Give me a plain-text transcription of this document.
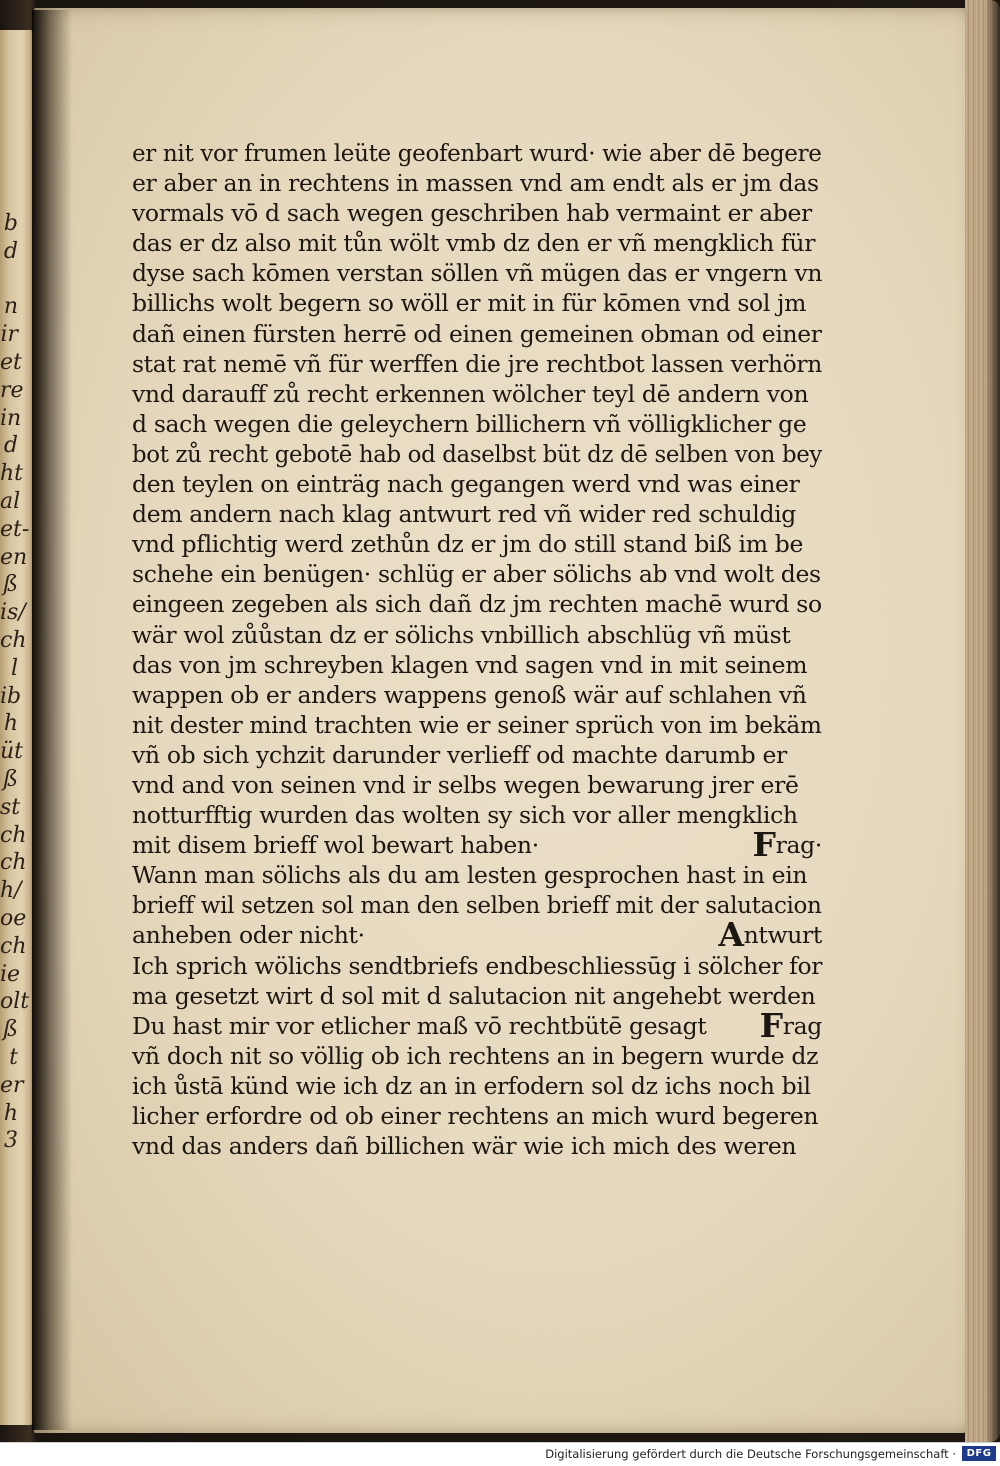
b
d
n
ir
et
re
in
d
ht
al
et-
en
ß
is/
ch
l
ib
h
üt
ß
st
ch
ch
h/
oe
ch
ie
olt
ß
t
er
h
3
er nit vor frumen leüte geofenbart wurd· wie aber dē begere
er aber an in rechtens in massen vnd am endt als er jm das
vormals vō d sach wegen geschriben hab vermaint er aber
das er dz also mit tůn wölt vmb dz den er vñ mengklich für
dyse sach kōmen verstan söllen vñ mügen das er vngern vn
billichs wolt begern so wöll er mit in für kōmen vnd sol jm
dañ einen fürsten herrē od einen gemeinen obman od einer
stat rat nemē vñ für werffen die jre rechtbot lassen verhörn
vnd darauff zů recht erkennen wölcher teyl dē andern von
d sach wegen die geleychern billichern vñ völligklicher ge
bot zů recht gebotē hab od daselbst büt dz dē selben von bey
den teylen on einträg nach gegangen werd vnd was einer
dem andern nach klag antwurt red vñ wider red schuldig
vnd pflichtig werd zethůn dz er jm do still stand biß im be
schehe ein benügen· schlüg er aber sölichs ab vnd wolt des
eingeen zegeben als sich dañ dz jm rechten machē wurd so
wär wol zůůstan dz er sölichs vnbillich abschlüg vñ müst
das von jm schreyben klagen vnd sagen vnd in mit seinem
wappen ob er anders wappens genoß wär auf schlahen vñ
nit dester mind trachten wie er seiner sprüch von im bekäm
vñ ob sich ychzit darunder verlieff od machte darumb er
vnd and von seinen vnd ir selbs wegen bewarung jrer erē
notturfftig wurden das wolten sy sich vor aller mengklich
mit disem brieff wol bewart haben·	Frag·
Wann man sölichs als du am lesten gesprochen hast in ein
brieff wil setzen sol man den selben brieff mit der salutacion
anheben oder nicht·	Antwurt
Ich sprich wölichs sendtbriefs endbeschliessūg i sölcher for
ma gesetzt wirt d sol mit d salutacion nit angehebt werden
Du hast mir vor etlicher maß vō rechtbütē gesagt Frag
vñ doch nit so völlig ob ich rechtens an in begern wurde dz
ich ůstā künd wie ich dz an in erfodern sol dz ichs noch bil
licher erfordre od ob einer rechtens an mich wurd begeren
vnd das anders dañ billichen wär wie ich mich des weren
Digitalisierung gefördert durch die Deutsche Forschungsgemeinschaft ·	DFG
